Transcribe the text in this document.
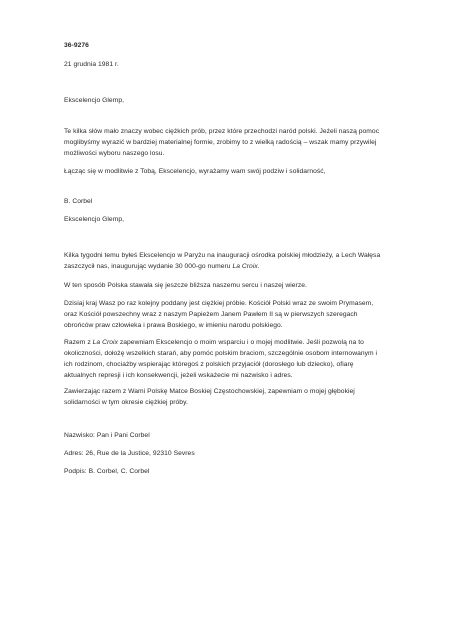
36-9276
21 grudnia 1981 r.
Ekscelencjo Glemp,
Te kilka słów mało znaczy wobec ciężkich prób, przez które przechodzi naród polski. Jeżeli naszą pomoc
moglibyśmy wyrazić w bardziej materialnej formie, zrobimy to z wielką radością – wszak mamy przywilej
możliwości wyboru naszego losu.
Łącząc się w modlitwie z Tobą, Ekscelencjo, wyrażamy wam swój podziw i solidarność,
B. Corbel
Ekscelencjo Glemp,
Kilka tygodni temu byłeś Ekscelencjo w Paryżu na inauguracji ośrodka polskiej młodzieży, a Lech Wałęsa
zaszczycił nas, inaugurując wydanie 30 000-go numeru La Croix.
W ten sposób Polska stawała się jeszcze bliższa naszemu sercu i naszej wierze.
Dzisiaj kraj Wasz po raz kolejny poddany jest ciężkiej próbie. Kościół Polski wraz ze swoim Prymasem,
oraz Kościół powszechny wraz z naszym Papieżem Janem Pawłem II są w pierwszych szeregach
obrońców praw człowieka i prawa Boskiego, w imieniu narodu polskiego.
Razem z La Croix zapewniam Ekscelencjo o moim wsparciu i o mojej modlitwie. Jeśli pozwolą na to
okoliczności, dołożę wszelkich starań, aby pomóc polskim braciom, szczególnie osobom internowanym i
ich rodzinom, chociażby wspierając któregoś z polskich przyjaciół (dorosłego lub dziecko), ofiarę
aktualnych represji i ich konsekwencji, jeżeli wskażecie mi nazwisko i adres.
Zawierzając razem z Wami Polskę Matce Boskiej Częstochowskiej, zapewniam o mojej głębokiej
solidarności w tym okresie ciężkiej próby.
Nazwisko: Pan i Pani Corbel
Adres: 26, Rue de la Justice, 92310 Sevres
Podpis: B. Corbel, C. Corbel
